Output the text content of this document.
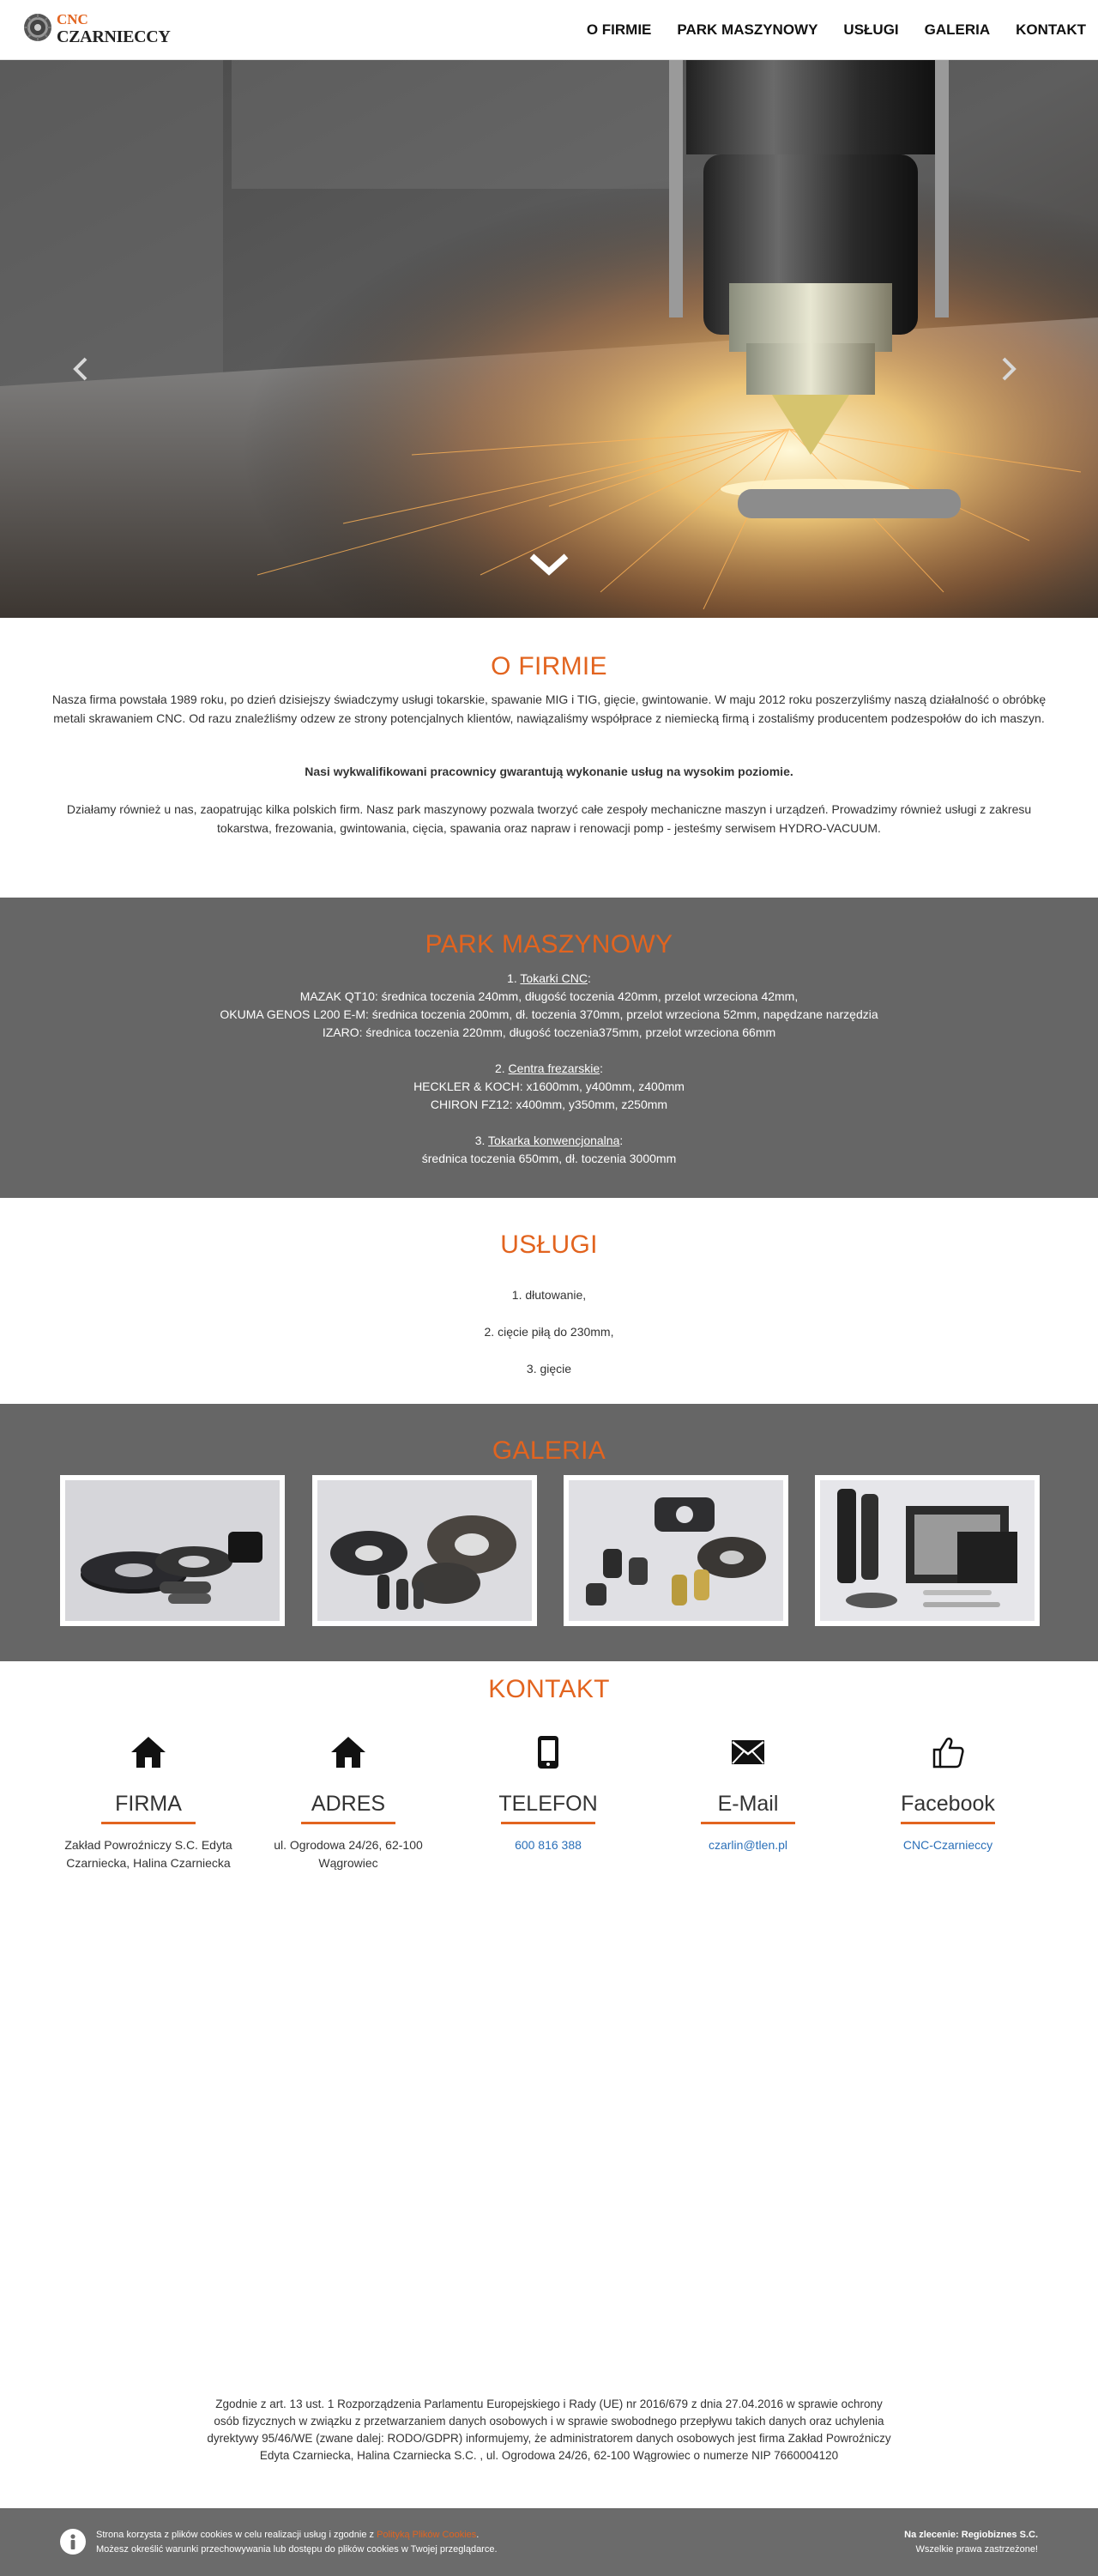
CNC
CZARNIECCY	O FIRMIE PARK MASZYNOWY USŁUGI GALERIA KONTAKT
O FIRMIE
Nasza firma powstała 1989 roku, po dzień dzisiejszy świadczymy usługi tokarskie, spawanie MIG i TIG, gięcie, gwintowanie. W maju 2012 roku poszerzyliśmy naszą działalność o obróbkę metali skrawaniem CNC. Od razu znaleźliśmy odzew ze strony potencjalnych klientów, nawiązaliśmy współprace z niemiecką firmą i zostaliśmy producentem podzespołów do ich maszyn.
Nasi wykwalifikowani pracownicy gwarantują wykonanie usług na wysokim poziomie.
Działamy również u nas, zaopatrując kilka polskich firm. Nasz park maszynowy pozwala tworzyć całe zespoły mechaniczne maszyn i urządzeń. Prowadzimy również usługi z zakresu tokarstwa, frezowania, gwintowania, cięcia, spawania oraz napraw i renowacji pomp - jesteśmy serwisem HYDRO-VACUUM.
PARK MASZYNOWY
1. Tokarki CNC:
MAZAK QT10: średnica toczenia 240mm, długość toczenia 420mm, przelot wrzeciona 42mm,
OKUMA GENOS L200 E-M: średnica toczenia 200mm, dł. toczenia 370mm, przelot wrzeciona 52mm, napędzane narzędzia
IZARO: średnica toczenia 220mm, długość toczenia375mm, przelot wrzeciona 66mm
2. Centra frezarskie:
HECKLER & KOCH: x1600mm, y400mm, z400mm
CHIRON FZ12: x400mm, y350mm, z250mm
3. Tokarka konwencjonalna:
średnica toczenia 650mm, dł. toczenia 3000mm
USŁUGI
1. dłutowanie,
2. cięcie piłą do 230mm,
3. gięcie
GALERIA
KONTAKT
FIRMA
Zakład Powroźniczy S.C. Edyta Czarniecka, Halina Czarniecka
ADRES
ul. Ogrodowa 24/26, 62-100 Wągrowiec
TELEFON
600 816 388
E-Mail
czarlin@tlen.pl
Facebook
CNC-Czarnieccy
Zgodnie z art. 13 ust. 1 Rozporządzenia Parlamentu Europejskiego i Rady (UE) nr 2016/679 z dnia 27.04.2016 w sprawie ochrony osób fizycznych w związku z przetwarzaniem danych osobowych i w sprawie swobodnego przepływu takich danych oraz uchylenia dyrektywy 95/46/WE (zwane dalej: RODO/GDPR) informujemy, że administratorem danych osobowych jest firma Zakład Powroźniczy Edyta Czarniecka, Halina Czarniecka S.C. , ul. Ogrodowa 24/26, 62-100 Wągrowiec o numerze NIP 7660004120
Strona korzysta z plików cookies w celu realizacji usług i zgodnie z Polityką Plików Cookies.
Możesz określić warunki przechowywania lub dostępu do plików cookies w Twojej przeglądarce.
Na zlecenie: Regiobiznes S.C.
Wszelkie prawa zastrzeżone!
